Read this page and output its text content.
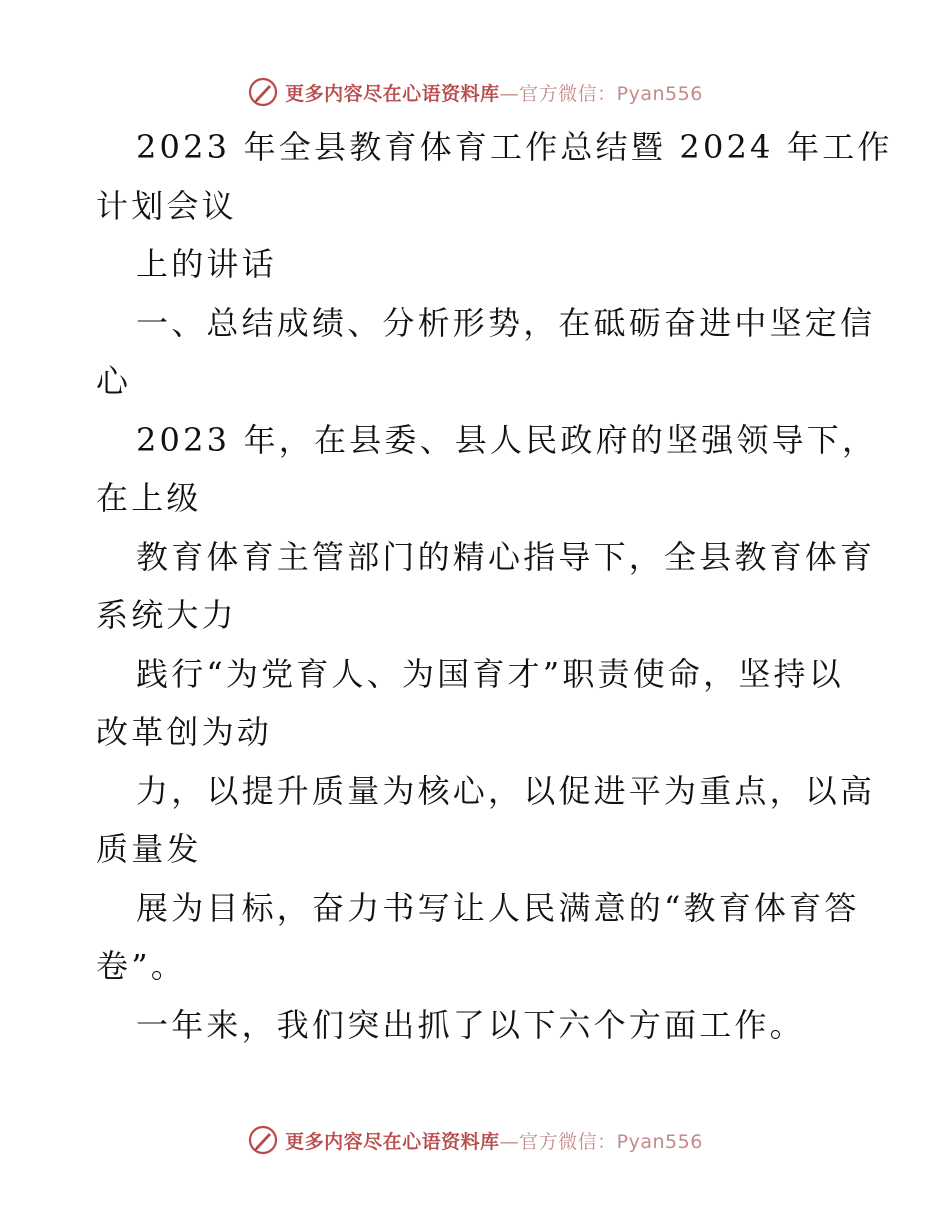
更多内容尽在心语资料库—官方微信：Pyan556
2023 年全县教育体育工作总结暨 2024 年工作
计划会议
上的讲话
一、总结成绩、分析形势，在砥砺奋进中坚定信
心
2023 年，在县委、县人民政府的坚强领导下，
在上级
教育体育主管部门的精心指导下，全县教育体育
系统大力
践行“为党育人、为国育才”职责使命，坚持以
改革创为动
力，以提升质量为核心，以促进平为重点，以高
质量发
展为目标，奋力书写让人民满意的“教育体育答
卷”。
一年来，我们突出抓了以下六个方面工作。
更多内容尽在心语资料库—官方微信：Pyan556
